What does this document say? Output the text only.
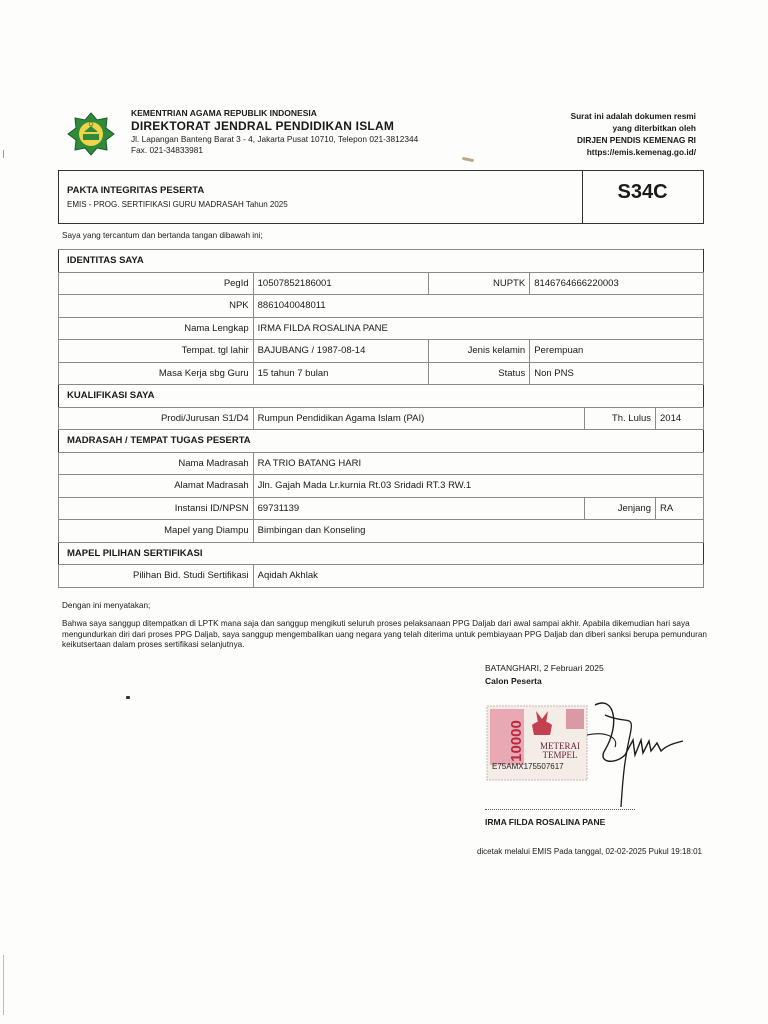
KEMENTRIAN AGAMA REPUBLIK INDONESIA
DIREKTORAT JENDRAL PENDIDIKAN ISLAM
Jl. Lapangan Banteng Barat 3 - 4, Jakarta Pusat 10710, Telepon 021-3812344
Fax. 021-34833981
Surat ini adalah dokumen resmi
yang diterbitkan oleh
DIRJEN PENDIS KEMENAG RI
https://emis.kemenag.go.id/
PAKTA INTEGRITAS PESERTA
EMIS - PROG. SERTIFIKASI GURU MADRASAH Tahun 2025
S34C
Saya yang tercantum dan bertanda tangan dibawah ini;
IDENTITAS SAYA					
PegId	10507852186001	NUPTK	8146764666220003		
NPK	8861040048011				
Nama Lengkap	IRMA FILDA ROSALINA PANE				
Tempat. tgl lahir	BAJUBANG / 1987-08-14	Jenis kelamin	Perempuan		
Masa Kerja sbg Guru	15 tahun 7 bulan	Status	Non PNS		
KUALIFIKASI SAYA					
Prodi/Jurusan S1/D4	Rumpun Pendidikan Agama Islam (PAI)			Th. Lulus	2014
MADRASAH / TEMPAT TUGAS PESERTA					
Nama Madrasah	RA TRIO BATANG HARI				
Alamat Madrasah	Jln. Gajah Mada Lr.kurnia Rt.03 Sridadi RT.3 RW.1				
Instansi ID/NPSN	69731139			Jenjang	RA
Mapel yang Diampu	Bimbingan dan Konseling				
MAPEL PILIHAN SERTIFIKASI					
Pilihan Bid. Studi Sertifikasi	Aqidah Akhlak				
Dengan ini menyatakan;
Bahwa saya sanggup ditempatkan di LPTK mana saja dan sanggup mengikuti seluruh proses pelaksanaan PPG Daljab dari awal sampai akhir. Apabila dikemudian hari saya mengundurkan diri dari proses PPG Daljab, saya sanggup mengembalikan uang negara yang telah diterima untuk pembiayaan PPG Daljab dan diberi sanksi berupa pemunduran keikutsertaan dalam proses sertifikasi selanjutnya.
BATANGHARI, 2 Februari 2025
Calon Peserta
10000 METERAI
TEMPEL
E75AMX175507617
IRMA FILDA ROSALINA PANE
dicetak melalui EMIS Pada tanggal, 02-02-2025 Pukul 19:18:01
